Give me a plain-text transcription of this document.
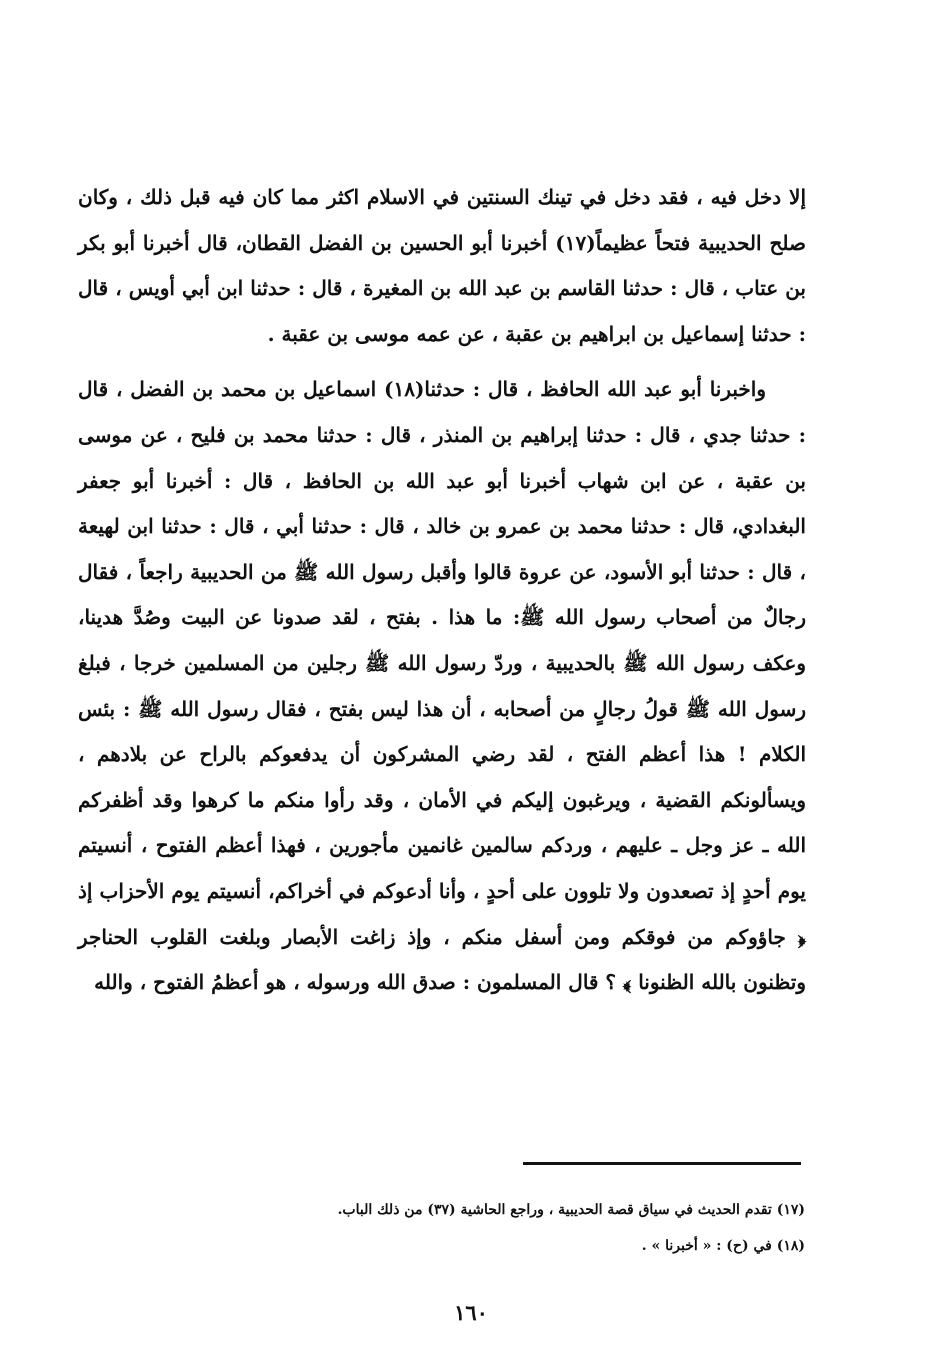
إلا دخل فيه ، فقد دخل في تينك السنتين في الاسلام اكثر مما كان فيه قبل ذلك ، وكان صلح الحديبية فتحاً عظيماً(١٧) أخبرنا أبو الحسين بن الفضل القطان، قال أخبرنا أبو بكر بن عتاب ، قال : حدثنا القاسم بن عبد الله بن المغيرة ، قال : حدثنا ابن أبي أويس ، قال : حدثنا إسماعيل بن ابراهيم بن عقبة ، عن عمه موسى بن عقبة .

واخبرنا أبو عبد الله الحافظ ، قال : حدثنا(١٨) اسماعيل بن محمد بن الفضل ، قال : حدثنا جدي ، قال : حدثنا إبراهيم بن المنذر ، قال : حدثنا محمد بن فليح ، عن موسى بن عقبة ، عن ابن شهاب أخبرنا أبو عبد الله بن الحافظ ، قال : أخبرنا أبو جعفر البغدادي، قال : حدثنا محمد بن عمرو بن خالد ، قال : حدثنا أبي ، قال : حدثنا ابن لهيعة ، قال : حدثنا أبو الأسود، عن عروة قالوا وأقبل رسول الله ﷺ من الحديبية راجعاً ، فقال رجالٌ من أصحاب رسول الله ﷺ: ما هذا . بفتح ، لقد صدونا عن البيت وصُدَّ هدينا، وعكف رسول الله ﷺ بالحديبية ، وردّ رسول الله ﷺ رجلين من المسلمين خرجا ، فبلغ رسول الله ﷺ قولُ رجالٍ من أصحابه ، أن هذا ليس بفتح ، فقال رسول الله ﷺ : بئس الكلام ! هذا أعظم الفتح ، لقد رضي المشركون أن يدفعوكم بالراح عن بلادهم ، ويسألونكم القضية ، ويرغبون إليكم في الأمان ، وقد رأوا منكم ما كرهوا وقد أظفركم الله ـ عز وجل ـ عليهم ، وردكم سالمين غانمين مأجورين ، فهذا أعظم الفتوح ، أنسيتم يوم أحدٍ إذ تصعدون ولا تلوون على أحدٍ ، وأنا أدعوكم في أخراكم، أنسيتم يوم الأحزاب إذ ﴿ جاؤوكم من فوقكم ومن أسفل منكم ، وإذ زاغت الأبصار وبلغت القلوب الحناجر وتظنون بالله الظنونا ﴾ ؟ قال المسلمون : صدق الله ورسوله ، هو أعظمُ الفتوح ، والله

(١٧) تقدم الحديث في سياق قصة الحديبية ، وراجع الحاشية (٣٧) من ذلك الباب.

(١٨) في (ح) : « أخبرنا » .

١٦٠
